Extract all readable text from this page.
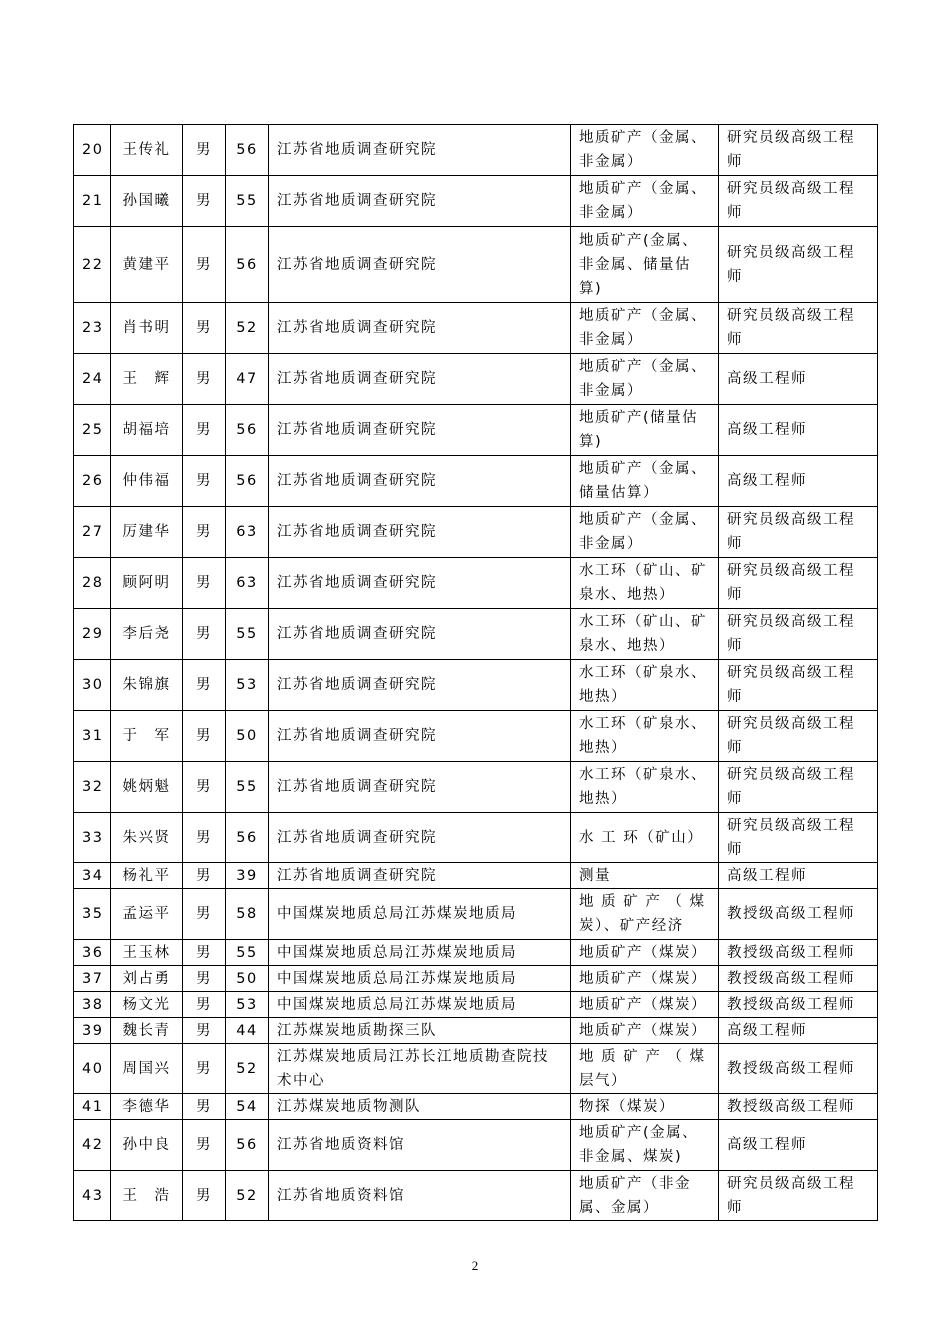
20	王传礼	男	56	江苏省地质调查研究院	地质矿产（金属、非金属）	研究员级高级工程师
21	孙国曦	男	55	江苏省地质调查研究院	地质矿产（金属、非金属）	研究员级高级工程师
22	黄建平	男	56	江苏省地质调查研究院	地质矿产(金属、非金属、储量估算)	研究员级高级工程师
23	肖书明	男	52	江苏省地质调查研究院	地质矿产（金属、非金属）	研究员级高级工程师
24	王　辉	男	47	江苏省地质调查研究院	地质矿产（金属、非金属）	高级工程师
25	胡福培	男	56	江苏省地质调查研究院	地质矿产(储量估算)	高级工程师
26	仲伟福	男	56	江苏省地质调查研究院	地质矿产（金属、储量估算）	高级工程师
27	厉建华	男	63	江苏省地质调查研究院	地质矿产（金属、非金属）	研究员级高级工程师
28	顾阿明	男	63	江苏省地质调查研究院	水工环（矿山、矿泉水、地热）	研究员级高级工程师
29	李后尧	男	55	江苏省地质调查研究院	水工环（矿山、矿泉水、地热）	研究员级高级工程师
30	朱锦旗	男	53	江苏省地质调查研究院	水工环（矿泉水、地热）	研究员级高级工程师
31	于　军	男	50	江苏省地质调查研究院	水工环（矿泉水、地热）	研究员级高级工程师
32	姚炳魁	男	55	江苏省地质调查研究院	水工环（矿泉水、地热）	研究员级高级工程师
33	朱兴贤	男	56	江苏省地质调查研究院	水 工 环（矿山）	研究员级高级工程师
34	杨礼平	男	39	江苏省地质调查研究院	测量	高级工程师
35	孟运平	男	58	中国煤炭地质总局江苏煤炭地质局	地 质 矿 产 （ 煤炭）、矿产经济	教授级高级工程师
36	王玉林	男	55	中国煤炭地质总局江苏煤炭地质局	地质矿产（煤炭）	教授级高级工程师
37	刘占勇	男	50	中国煤炭地质总局江苏煤炭地质局	地质矿产（煤炭）	教授级高级工程师
38	杨文光	男	53	中国煤炭地质总局江苏煤炭地质局	地质矿产（煤炭）	教授级高级工程师
39	魏长青	男	44	江苏煤炭地质勘探三队	地质矿产（煤炭）	高级工程师
40	周国兴	男	52	江苏煤炭地质局江苏长江地质勘查院技术中心	地 质 矿 产 （ 煤层气）	教授级高级工程师
41	李德华	男	54	江苏煤炭地质物测队	物探（煤炭）	教授级高级工程师
42	孙中良	男	56	江苏省地质资料馆	地质矿产(金属、非金属、煤炭)	高级工程师
43	王　浩	男	52	江苏省地质资料馆	地质矿产（非金属、金属）	研究员级高级工程师
2
